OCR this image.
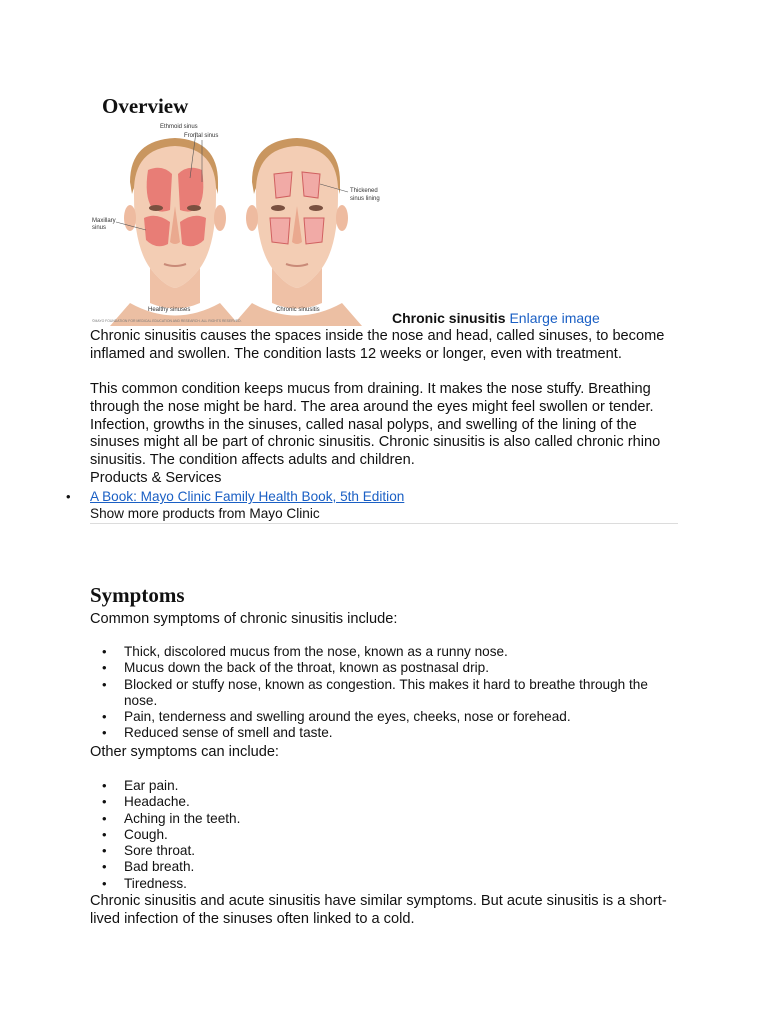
Overview
Ethmoid sinus
Frontal sinus
Maxillary
sinus
Thickened
sinus lining
Healthy sinuses	Chronic sinusitis
©MAYO FOUNDATION FOR MEDICAL EDUCATION AND RESEARCH. ALL RIGHTS RESERVED.	Chronic sinusitis Enlarge image

Chronic sinusitis causes the spaces inside the nose and head, called sinuses, to become inflamed and swollen. The condition lasts 12 weeks or longer, even with treatment.

This common condition keeps mucus from draining. It makes the nose stuffy. Breathing through the nose might be hard. The area around the eyes might feel swollen or tender. Infection, growths in the sinuses, called nasal polyps, and swelling of the lining of the sinuses might all be part of chronic sinusitis. Chronic sinusitis is also called chronic rhino sinusitis. The condition affects adults and children.

Products & Services
• A Book: Mayo Clinic Family Health Book, 5th Edition
Show more products from Mayo Clinic
Symptoms
Common symptoms of chronic sinusitis include:
• Thick, discolored mucus from the nose, known as a runny nose.
• Mucus down the back of the throat, known as postnasal drip.
• Blocked or stuffy nose, known as congestion. This makes it hard to breathe through the nose.
• Pain, tenderness and swelling around the eyes, cheeks, nose or forehead.
• Reduced sense of smell and taste.
Other symptoms can include:
• Ear pain.
• Headache.
• Aching in the teeth.
• Cough.
• Sore throat.
• Bad breath.
• Tiredness.

Chronic sinusitis and acute sinusitis have similar symptoms. But acute sinusitis is a short-lived infection of the sinuses often linked to a cold.
